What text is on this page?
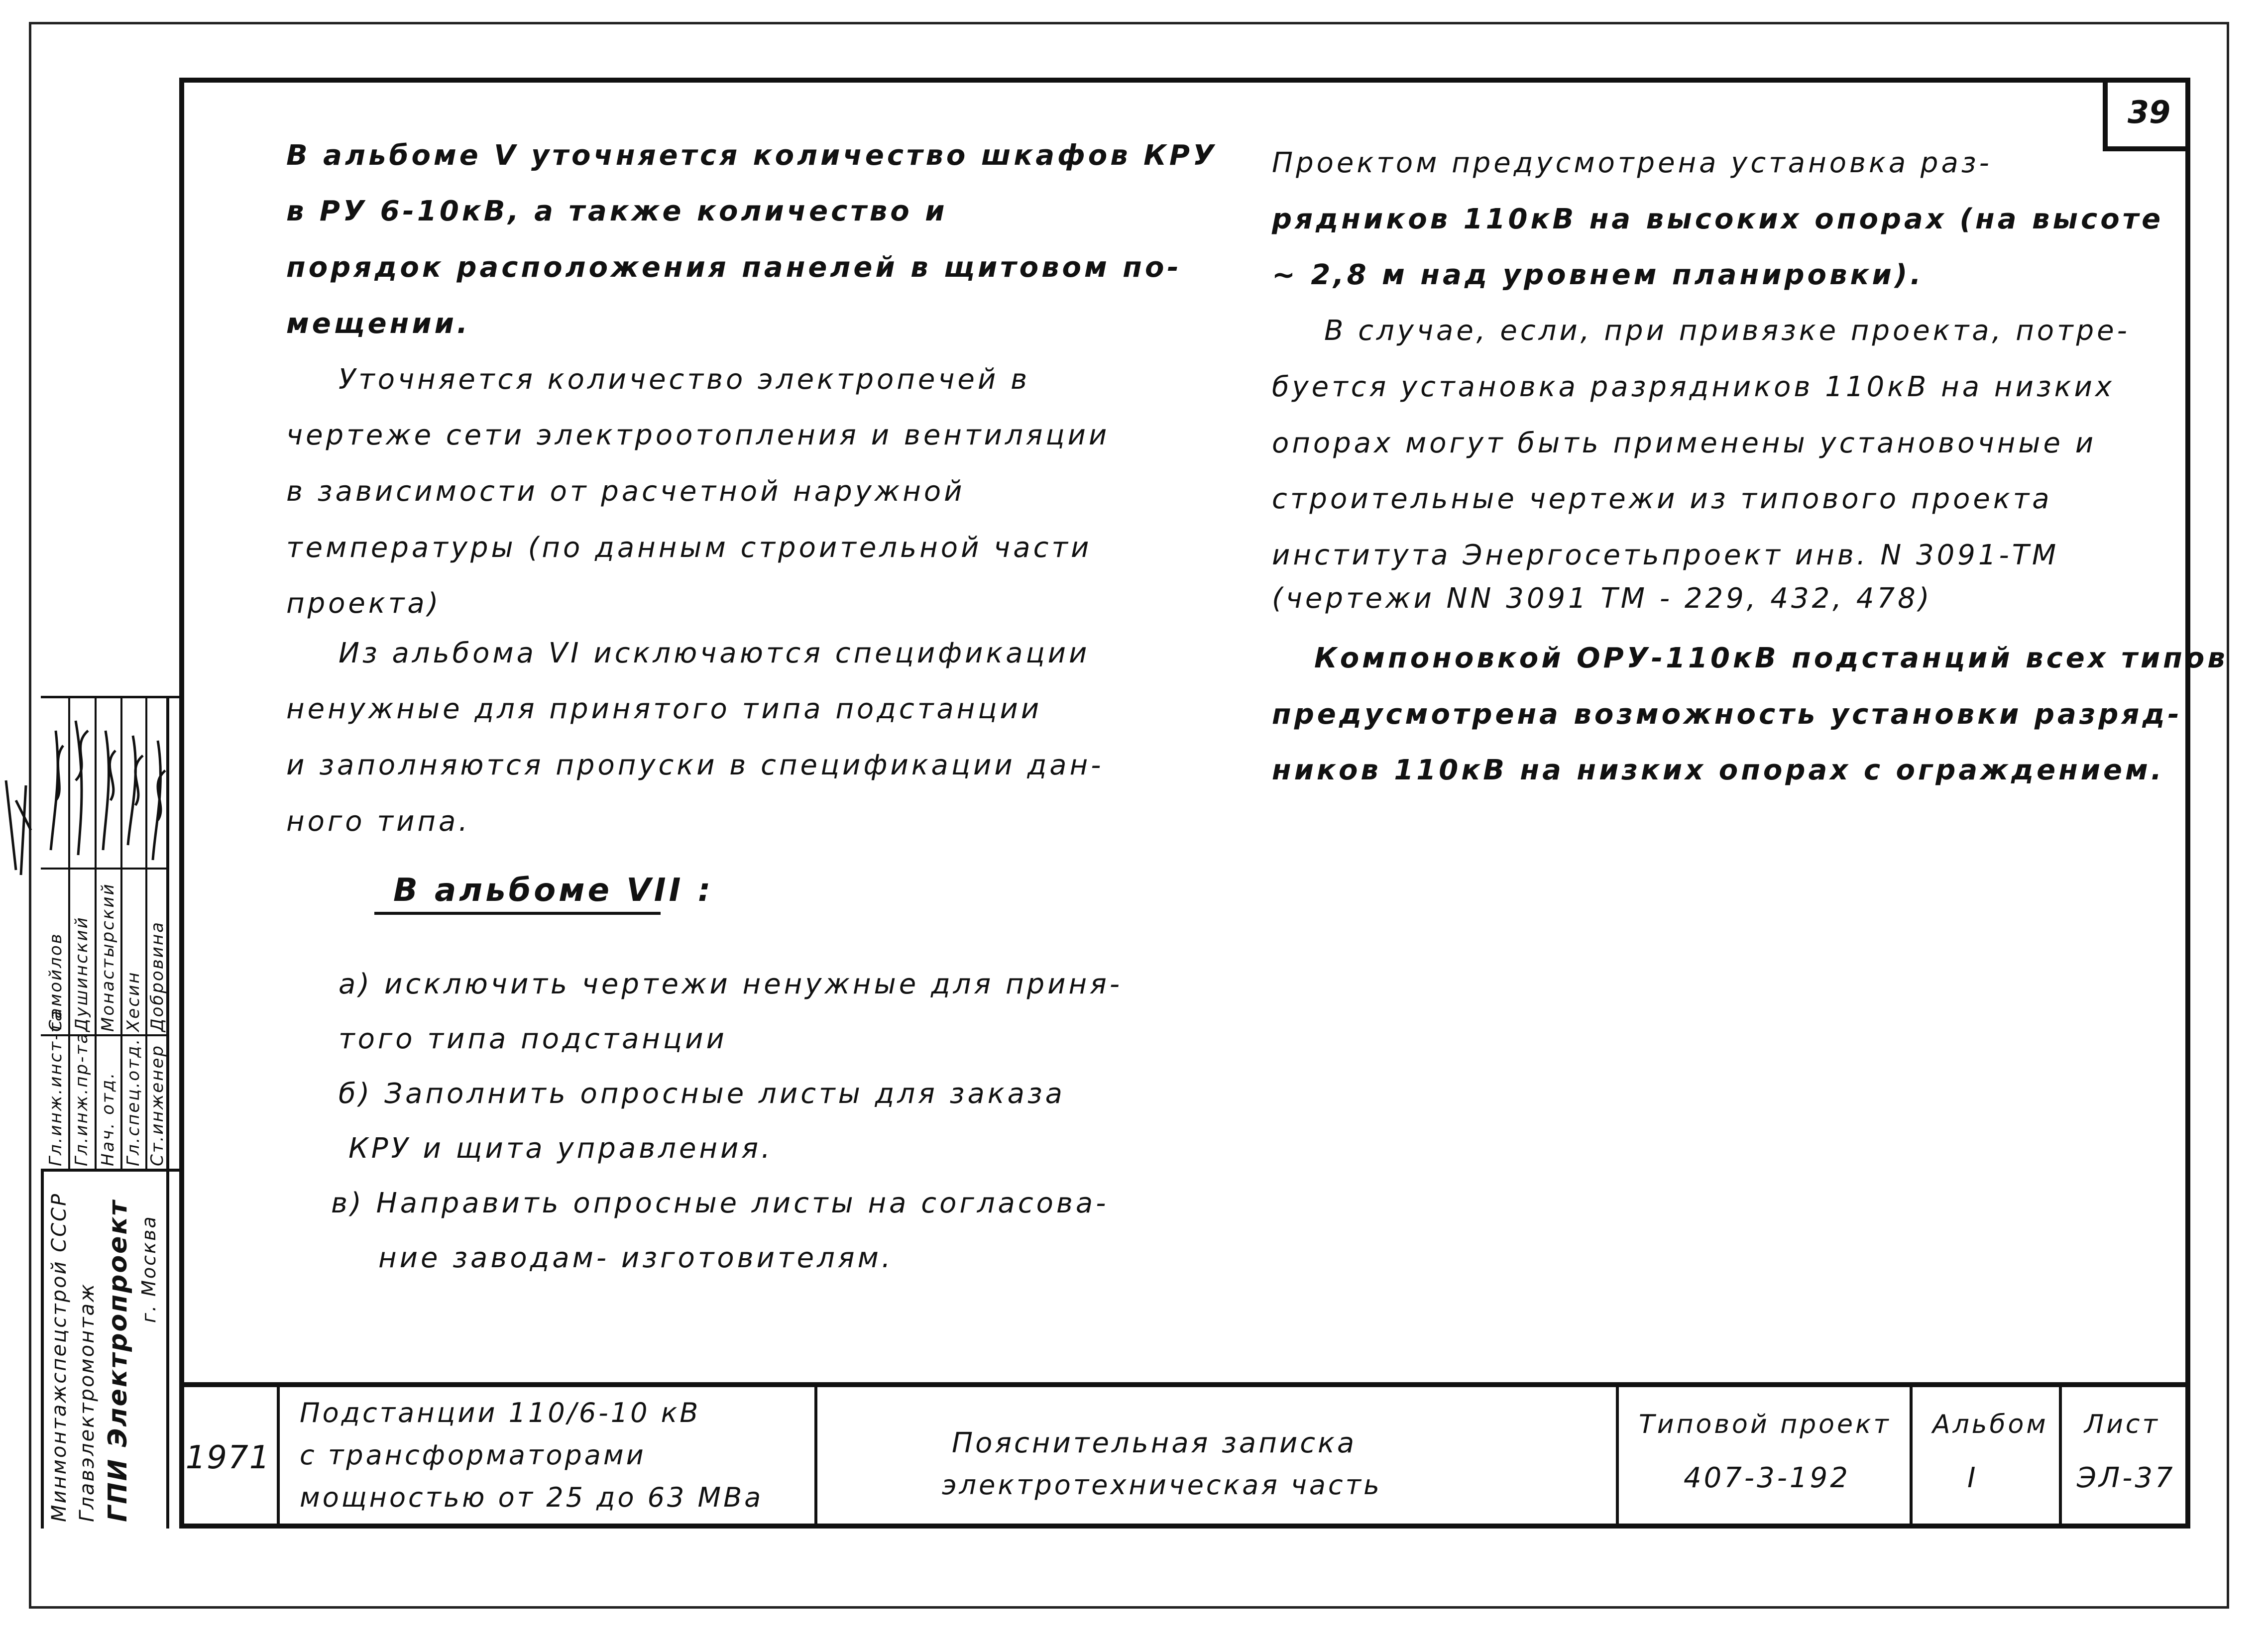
39
В альбоме V уточняется количество шкафов КРУ
в РУ 6-10кВ, а также количество и
порядок расположения панелей в щитовом по-
мещении.
Уточняется количество электропечей в
чертеже сети электроотопления и вентиляции
в зависимости от расчетной наружной
температуры (по данным строительной части
проекта)
Из альбома VI исключаются спецификации
ненужные для принятого типа подстанции
и заполняются пропуски в спецификации дан-
ного типа.
В альбоме VII :
а) исключить чертежи ненужные для приня-
того типа подстанции
б) Заполнить опросные листы для заказа
КРУ и щита управления.
в) Направить опросные листы на согласова-
ние заводам- изготовителям.
Проектом предусмотрена установка раз-
рядников 110кВ на высоких опорах (на высоте
~ 2,8 м над уровнем планировки).
В случае, если, при привязке проекта, потре-
буется установка разрядников 110кВ на низких
опорах могут быть применены установочные и
строительные чертежи из типового проекта
института Энергосетьпроект инв. N 3091-ТМ
(чертежи NN 3091 ТМ - 229, 432, 478)
Компоновкой ОРУ-110кВ подстанций всех типов
предусмотрена возможность установки разряд-
ников 110кВ на низких опорах с ограждением.
1971
Подстанции 110/6-10 кВ
с трансформаторами
мощностью от 25 до 63 МВа
Пояснительная записка
электротехническая часть
Типовой проект
407-3-192
Альбом
I
Лист
ЭЛ-37
Минмонтажспецстрой СССР Главэлектромонтаж ГПИ Электропроект г. Москва
Гл.инж.инст-та Гл.инж.пр-та Нач. отд. Гл.спец.отд. Ст.инженер
Самойлов Душинский Монастырский Хесин Добровина
